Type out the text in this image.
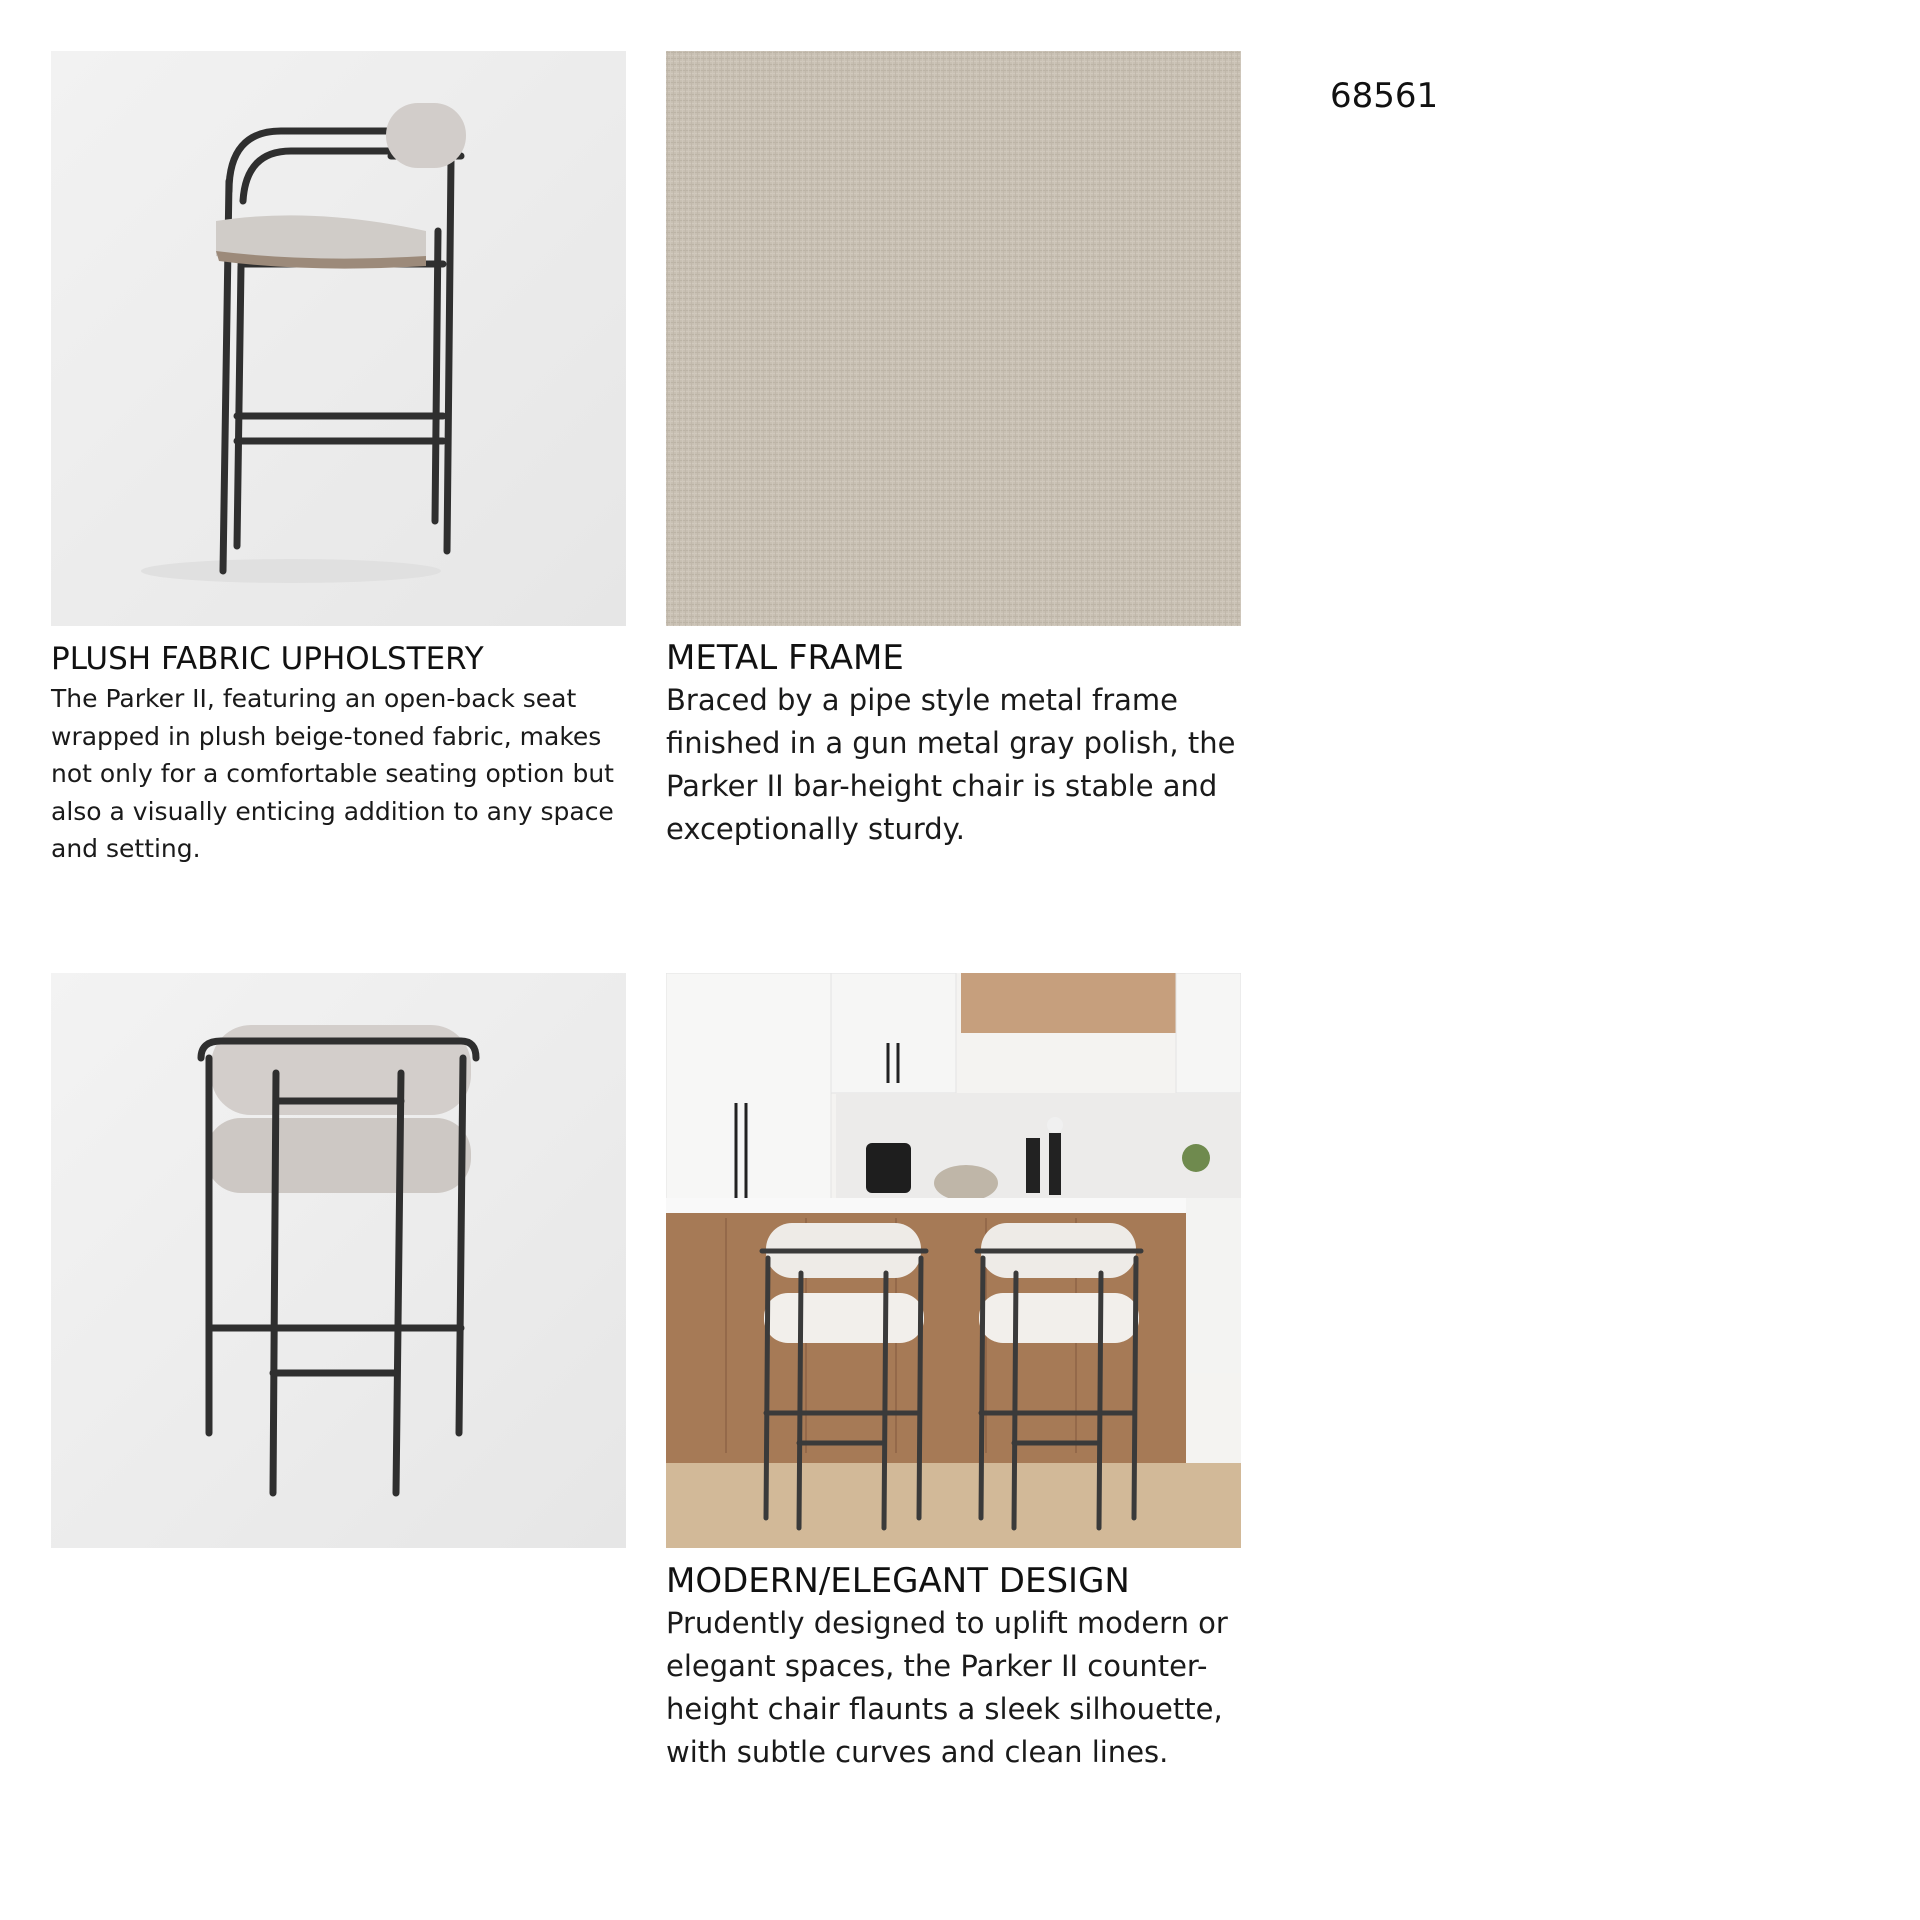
68561
PLUSH FABRIC UPHOLSTERY

The Parker II, featuring an open-back seat wrapped in plush beige-toned fabric, makes not only for a comfortable seating option but also a visually enticing addition to any space and setting.

METAL FRAME

Braced by a pipe style metal frame finished in a gun metal gray polish, the Parker II bar-height chair is stable and exceptionally sturdy.

MODERN/ELEGANT DESIGN

Prudently designed to uplift modern or elegant spaces, the Parker II counter-height chair flaunts a sleek silhouette, with subtle curves and clean lines.
